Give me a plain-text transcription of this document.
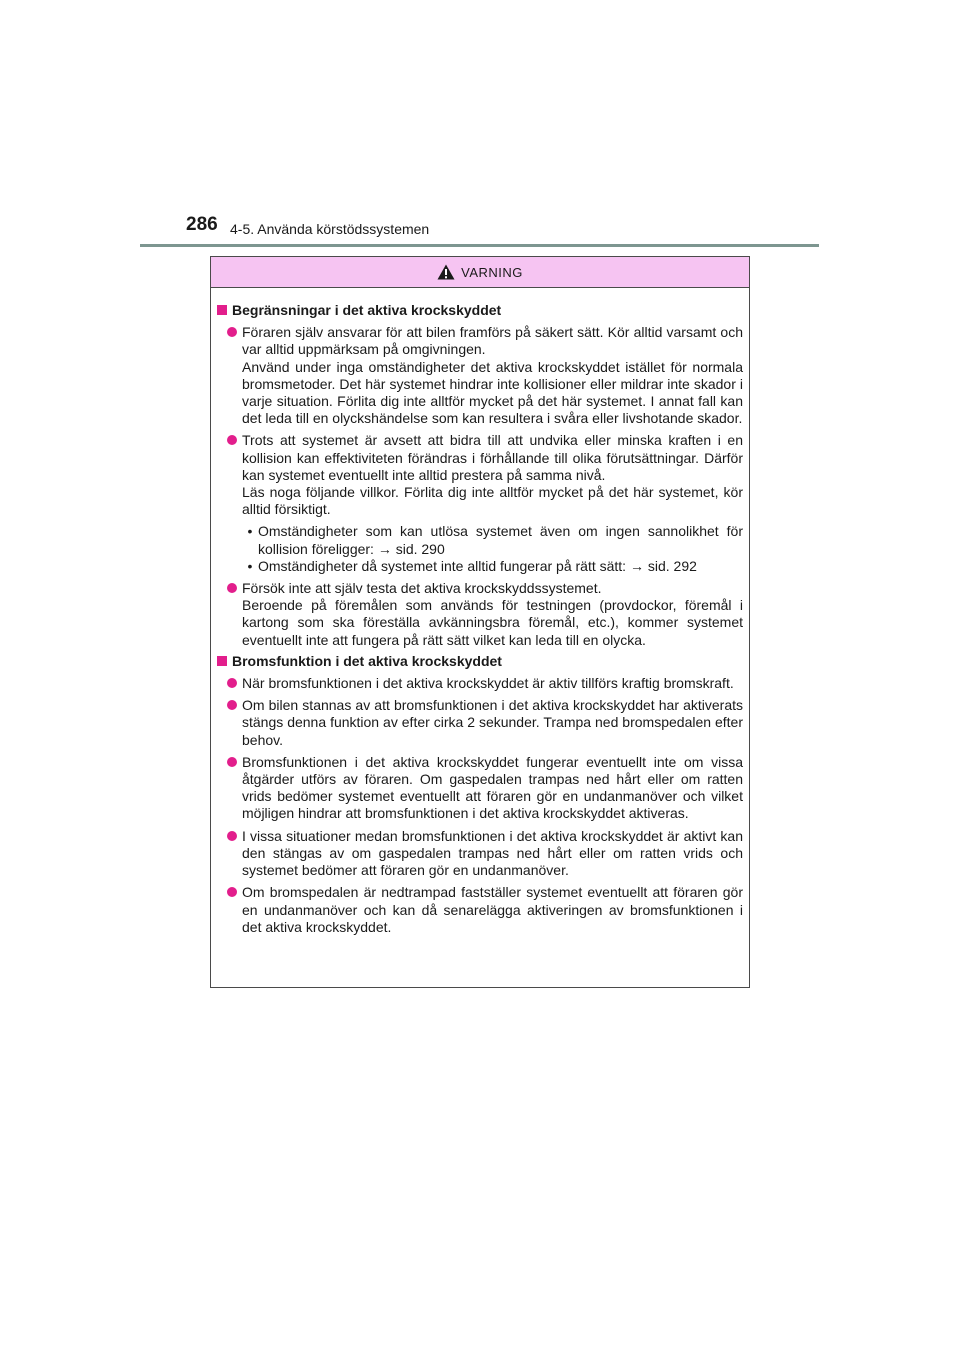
286 4-5. Använda körstödssystemen
VARNING
Begränsningar i det aktiva krockskyddet

Föraren själv ansvarar för att bilen framförs på säkert sätt. Kör alltid varsamt och var alltid uppmärksam på omgivningen.

Använd under inga omständigheter det aktiva krockskyddet istället för normala bromsmetoder. Det här systemet hindrar inte kollisioner eller mildrar inte skador i varje situation. Förlita dig inte alltför mycket på det här systemet. I annat fall kan det leda till en olyckshändelse som kan resultera i svåra eller livshotande skador.

Trots att systemet är avsett att bidra till att undvika eller minska kraften i en kollision kan effektiviteten förändras i förhållande till olika förutsättningar. Därför kan systemet eventuellt inte alltid prestera på samma nivå.

Läs noga följande villkor. Förlita dig inte alltför mycket på det här systemet, kör alltid försiktigt.

• Omständigheter som kan utlösa systemet även om ingen sannolikhet för kollision föreligger: → sid. 290
• Omständigheter då systemet inte alltid fungerar på rätt sätt: → sid. 292

Försök inte att själv testa det aktiva krockskyddssystemet.

Beroende på föremålen som används för testningen (provdockor, föremål i kartong som ska föreställa avkänningsbra föremål, etc.), kommer systemet eventuellt inte att fungera på rätt sätt vilket kan leda till en olycka.

Bromsfunktion i det aktiva krockskyddet

När bromsfunktionen i det aktiva krockskyddet är aktiv tillförs kraftig bromskraft.

Om bilen stannas av att bromsfunktionen i det aktiva krockskyddet har aktiverats stängs denna funktion av efter cirka 2 sekunder. Trampa ned bromspedalen efter behov.

Bromsfunktionen i det aktiva krockskyddet fungerar eventuellt inte om vissa åtgärder utförs av föraren. Om gaspedalen trampas ned hårt eller om ratten vrids bedömer systemet eventuellt att föraren gör en undanmanöver och vilket möjligen hindrar att bromsfunktionen i det aktiva krockskyddet aktiveras.

I vissa situationer medan bromsfunktionen i det aktiva krockskyddet är aktivt kan den stängas av om gaspedalen trampas ned hårt eller om ratten vrids och systemet bedömer att föraren gör en undanmanöver.

Om bromspedalen är nedtrampad fastställer systemet eventuellt att föraren gör en undanmanöver och kan då senarelägga aktiveringen av bromsfunktionen i det aktiva krockskyddet.
